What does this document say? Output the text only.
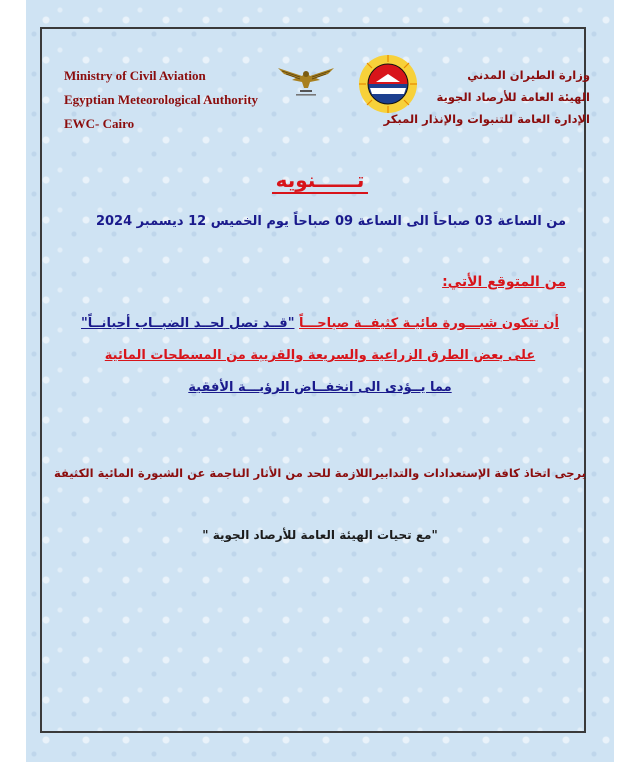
Ministry of Civil Aviation
Egyptian Meteorological Authority
EWC- Cairo
وزارة الطيران المدني
الهيئة العامة للأرصاد الجوية
الإدارة العامة للتنبوات والإنذار المبكر
تــــــنويه
من الساعة 03 صباحاً الى الساعة 09 صباحاً يوم الخميس 12 ديسمبر 2024
من المتوقع الأتي:
أن تتكون شبـــورة مائيـة كثيفــة صباحـــاً "قــد تصل لحــد الضبــاب أحيانــاً"
على بعض الطرق الزراعية والسريعة والقريبة من المسطحات المائية
مما يــؤدى الى انخفــاض الرؤيـــة الأفقية
يرجى اتخاذ كافة الإستعدادات والتدابيراللازمة للحد من الأثار الناجمة عن الشبورة المائية الكثيفة
"مع تحيات الهيئة العامة للأرصاد الجوية "
